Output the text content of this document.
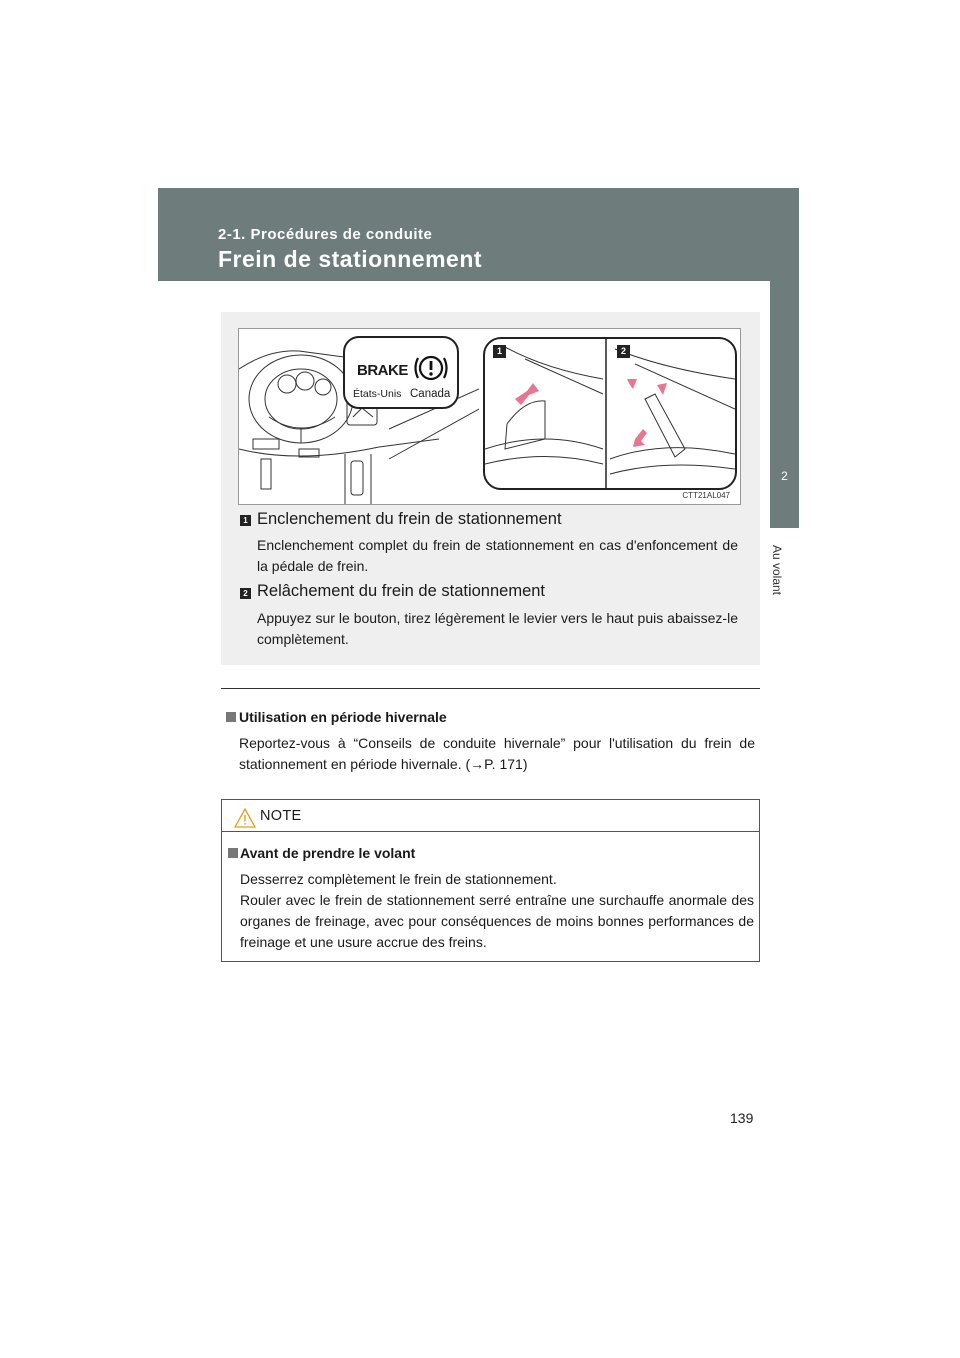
2-1. Procédures de conduite
Frein de stationnement
2
Au volant
BRAKE
États-Unis Canada
1	2
CTT21AL047
1 Enclenchement du frein de stationnement
Enclenchement complet du frein de stationnement en cas d'enfoncement de la pédale de frein.
2 Relâchement du frein de stationnement
Appuyez sur le bouton, tirez légèrement le levier vers le haut puis abaissez-le complètement.
Utilisation en période hivernale
Reportez-vous à “Conseils de conduite hivernale” pour l'utilisation du frein de stationnement en période hivernale. (→P. 171)
NOTE
Avant de prendre le volant
Desserrez complètement le frein de stationnement.
Rouler avec le frein de stationnement serré entraîne une surchauffe anormale des organes de freinage, avec pour conséquences de moins bonnes performances de freinage et une usure accrue des freins.
139
